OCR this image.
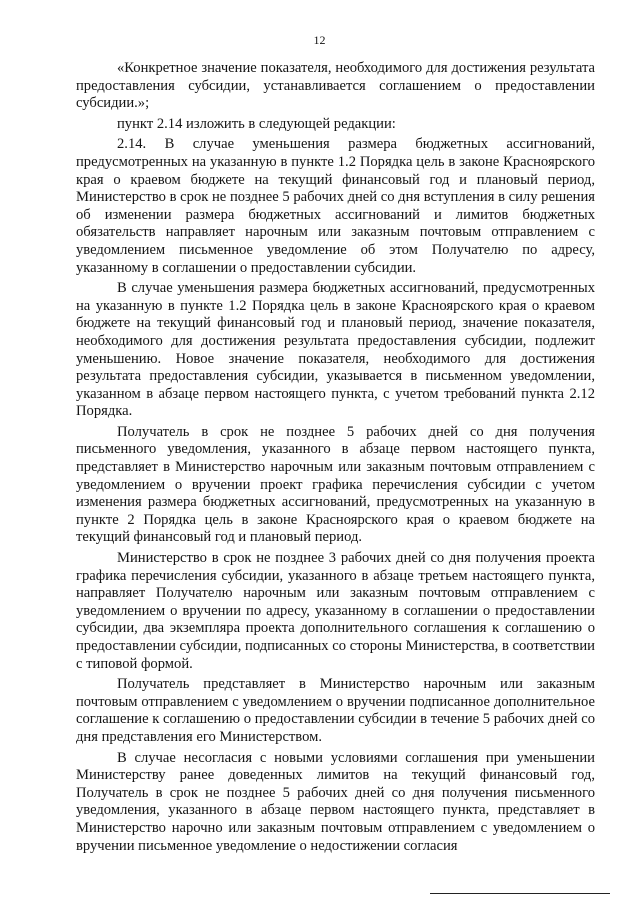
12

«Конкретное значение показателя, необходимого для достижения результата предоставления субсидии, устанавливается соглашением о предоставлении субсидии.»;

пункт 2.14 изложить в следующей редакции:

2.14. В случае уменьшения размера бюджетных ассигнований, предусмотренных на указанную в пункте 1.2 Порядка цель в законе Красноярского края о краевом бюджете на текущий финансовый год и плановый период, Министерство в срок не позднее 5 рабочих дней со дня вступления в силу решения об изменении размера бюджетных ассигнований и лимитов бюджетных обязательств направляет нарочным или заказным почтовым отправлением с уведомлением письменное уведомление об этом Получателю по адресу, указанному в соглашении о предоставлении субсидии.

В случае уменьшения размера бюджетных ассигнований, предусмотренных на указанную в пункте 1.2 Порядка цель в законе Красноярского края о краевом бюджете на текущий финансовый год и плановый период, значение показателя, необходимого для достижения результата предоставления субсидии, подлежит уменьшению. Новое значение показателя, необходимого для достижения результата предоставления субсидии, указывается в письменном уведомлении, указанном в абзаце первом настоящего пункта, с учетом требований пункта 2.12 Порядка.

Получатель в срок не позднее 5 рабочих дней со дня получения письменного уведомления, указанного в абзаце первом настоящего пункта, представляет в Министерство нарочным или заказным почтовым отправлением с уведомлением о вручении проект графика перечисления субсидии с учетом изменения размера бюджетных ассигнований, предусмотренных на указанную в пункте 2 Порядка цель в законе Красноярского края о краевом бюджете на текущий финансовый год и плановый период.

Министерство в срок не позднее 3 рабочих дней со дня получения проекта графика перечисления субсидии, указанного в абзаце третьем настоящего пункта, направляет Получателю нарочным или заказным почтовым отправлением с уведомлением о вручении по адресу, указанному в соглашении о предоставлении субсидии, два экземпляра проекта дополнительного соглашения к соглашению о предоставлении субсидии, подписанных со стороны Министерства, в соответствии с типовой формой.

Получатель представляет в Министерство нарочным или заказным почтовым отправлением с уведомлением о вручении подписанное дополнительное соглашение к соглашению о предоставлении субсидии в течение 5 рабочих дней со дня представления его Министерством.

В случае несогласия с новыми условиями соглашения при уменьшении Министерству ранее доведенных лимитов на текущий финансовый год, Получатель в срок не позднее 5 рабочих дней со дня получения письменного уведомления, указанного в абзаце первом настоящего пункта, представляет в Министерство нарочно или заказным почтовым отправлением с уведомлением о вручении письменное уведомление о недостижении согласия
